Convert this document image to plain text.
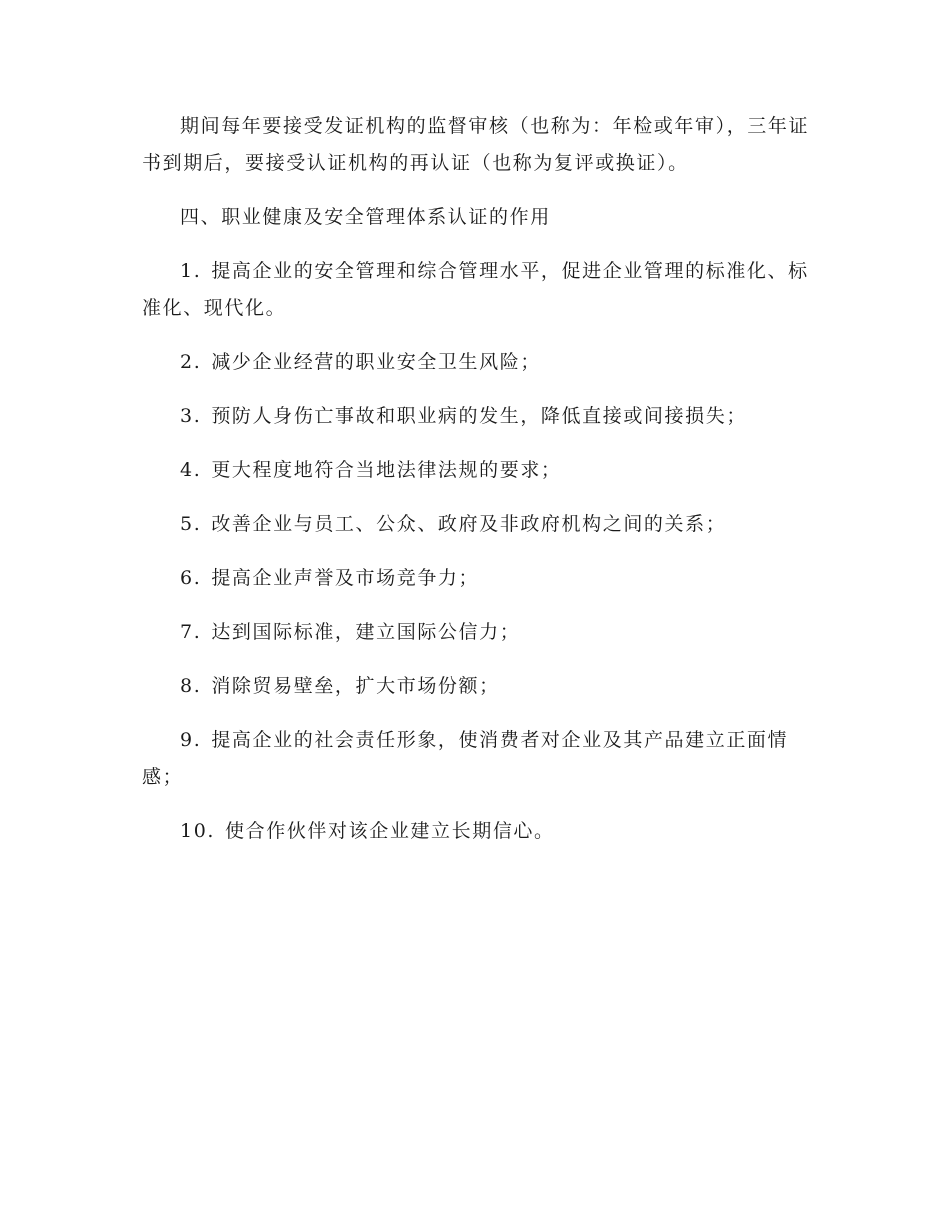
期间每年要接受发证机构的监督审核（也称为：年检或年审），三年证书到期后，要接受认证机构的再认证（也称为复评或换证）。

四、职业健康及安全管理体系认证的作用

1. 提高企业的安全管理和综合管理水平，促进企业管理的标准化、标准化、现代化。

2. 减少企业经营的职业安全卫生风险；

3. 预防人身伤亡事故和职业病的发生，降低直接或间接损失；

4. 更大程度地符合当地法律法规的要求；

5. 改善企业与员工、公众、政府及非政府机构之间的关系；

6. 提高企业声誉及市场竞争力；

7. 达到国际标准，建立国际公信力；

8. 消除贸易壁垒，扩大市场份额；

9. 提高企业的社会责任形象，使消费者对企业及其产品建立正面情感；

10. 使合作伙伴对该企业建立长期信心。
